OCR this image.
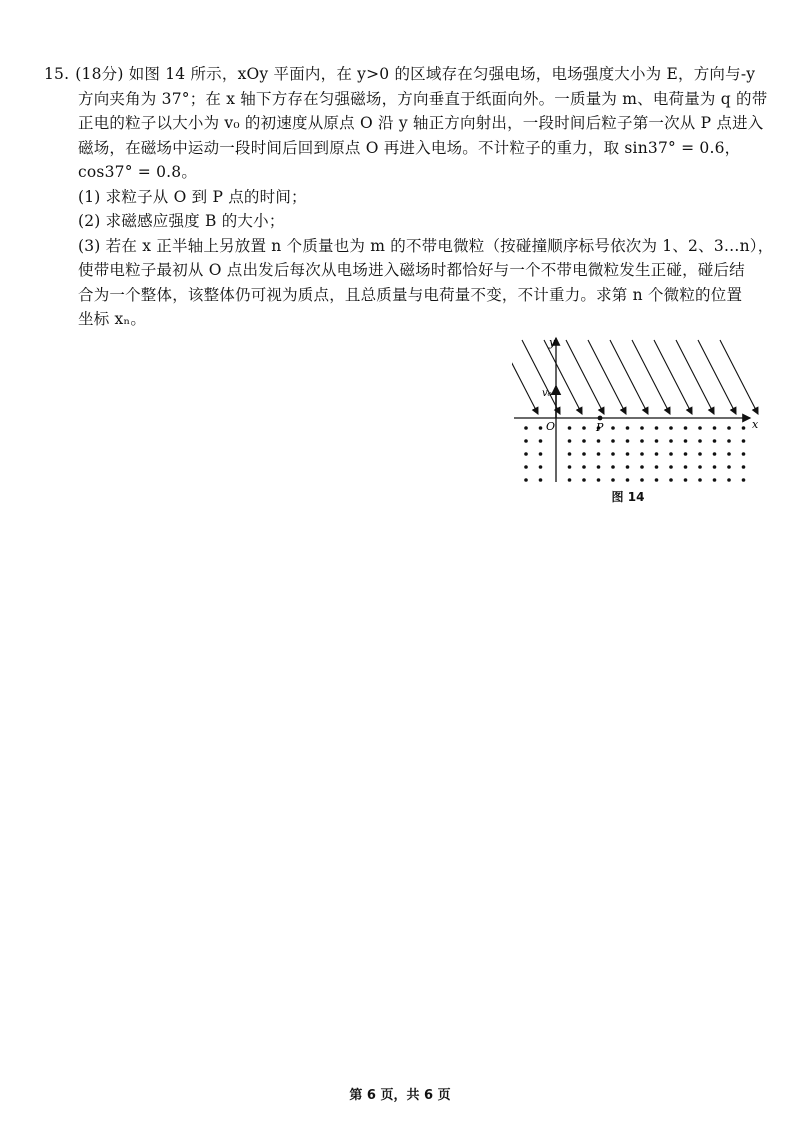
15. (18分) 如图 14 所示，xOy 平面内，在 y>0 的区域存在匀强电场，电场强度大小为 E，方向与-y
方向夹角为 37°；在 x 轴下方存在匀强磁场，方向垂直于纸面向外。一质量为 m、电荷量为 q 的带
正电的粒子以大小为 v₀ 的初速度从原点 O 沿 y 轴正方向射出，一段时间后粒子第一次从 P 点进入
磁场，在磁场中运动一段时间后回到原点 O 再进入电场。不计粒子的重力，取 sin37° = 0.6，
cos37° = 0.8。
(1) 求粒子从 O 到 P 点的时间；
(2) 求磁感应强度 B 的大小；
(3) 若在 x 正半轴上另放置 n 个质量也为 m 的不带电微粒（按碰撞顺序标号依次为 1、2、3…n），
使带电粒子最初从 O 点出发后每次从电场进入磁场时都恰好与一个不带电微粒发生正碰，碰后结
合为一个整体，该整体仍可视为质点，且总质量与电荷量不变，不计重力。求第 n 个微粒的位置
坐标 xₙ。
y
x
v₀
O	P
图 14
第 6 页，共 6 页
